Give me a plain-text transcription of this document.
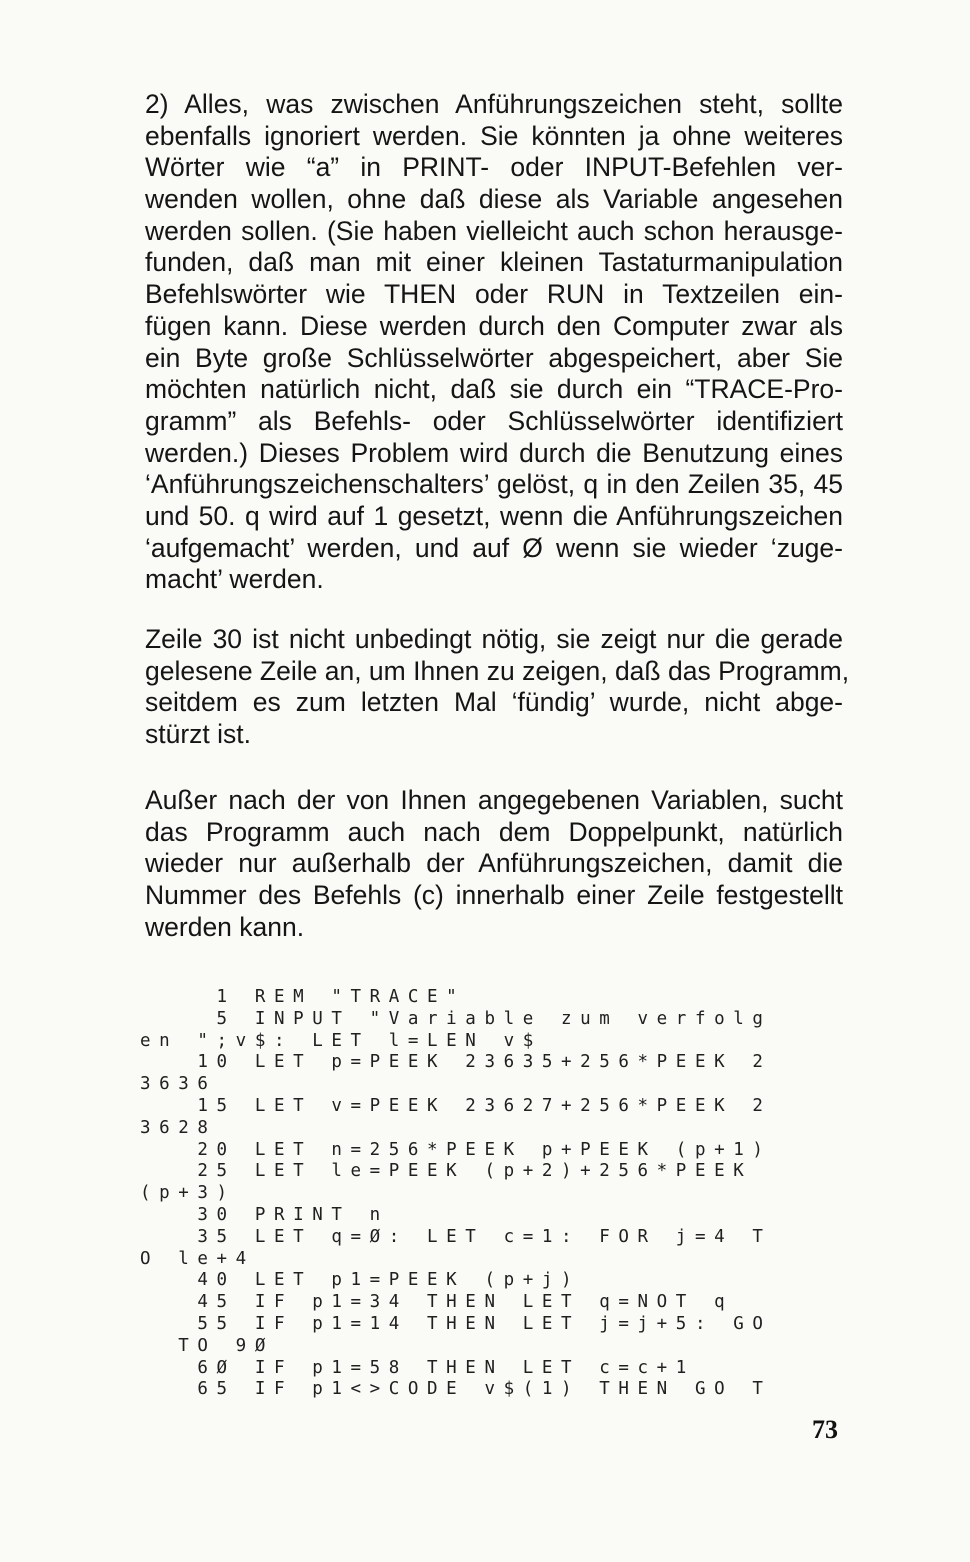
2) Alles, was zwischen Anführungszeichen steht, sollte
ebenfalls ignoriert werden. Sie könnten ja ohne weiteres
Wörter wie “a” in PRINT- oder INPUT-Befehlen ver-
wenden wollen, ohne daß diese als Variable angesehen
werden sollen. (Sie haben vielleicht auch schon herausge-
funden, daß man mit einer kleinen Tastaturmanipulation
Befehlswörter wie THEN oder RUN in Textzeilen ein-
fügen kann. Diese werden durch den Computer zwar als
ein Byte große Schlüsselwörter abgespeichert, aber Sie
möchten natürlich nicht, daß sie durch ein “TRACE-Pro-
gramm” als Befehls- oder Schlüsselwörter identifiziert
werden.) Dieses Problem wird durch die Benutzung eines
‘Anführungszeichenschalters’ gelöst, q in den Zeilen 35, 45
und 50. q wird auf 1 gesetzt, wenn die Anführungszeichen
‘aufgemacht’ werden, und auf Ø wenn sie wieder ‘zuge-
macht’ werden.
Zeile 30 ist nicht unbedingt nötig, sie zeigt nur die gerade
gelesene Zeile an, um Ihnen zu zeigen, daß das Programm,
seitdem es zum letzten Mal ‘fündig’ wurde, nicht abge-
stürzt ist.
Außer nach der von Ihnen angegebenen Variablen, sucht
das Programm auch nach dem Doppelpunkt, natürlich
wieder nur außerhalb der Anführungszeichen, damit die
Nummer des Befehls (c) innerhalb einer Zeile festgestellt
werden kann.
1 REM "TRACE"
5 INPUT "Variable zum verfolg
en ";v$: LET l=LEN v$
10 LET p=PEEK 23635+256*PEEK 2
3636
15 LET v=PEEK 23627+256*PEEK 2
3628
20 LET n=256*PEEK p+PEEK (p+1)
25 LET le=PEEK (p+2)+256*PEEK
(p+3)
30 PRINT n
35 LET q=Ø: LET c=1: FOR j=4 T
O le+4
40 LET p1=PEEK (p+j)
45 IF p1=34 THEN LET q=NOT q
55 IF p1=14 THEN LET j=j+5: GO
TO 9Ø
6Ø IF p1=58 THEN LET c=c+1
65 IF p1<>CODE v$(1) THEN GO T
73
